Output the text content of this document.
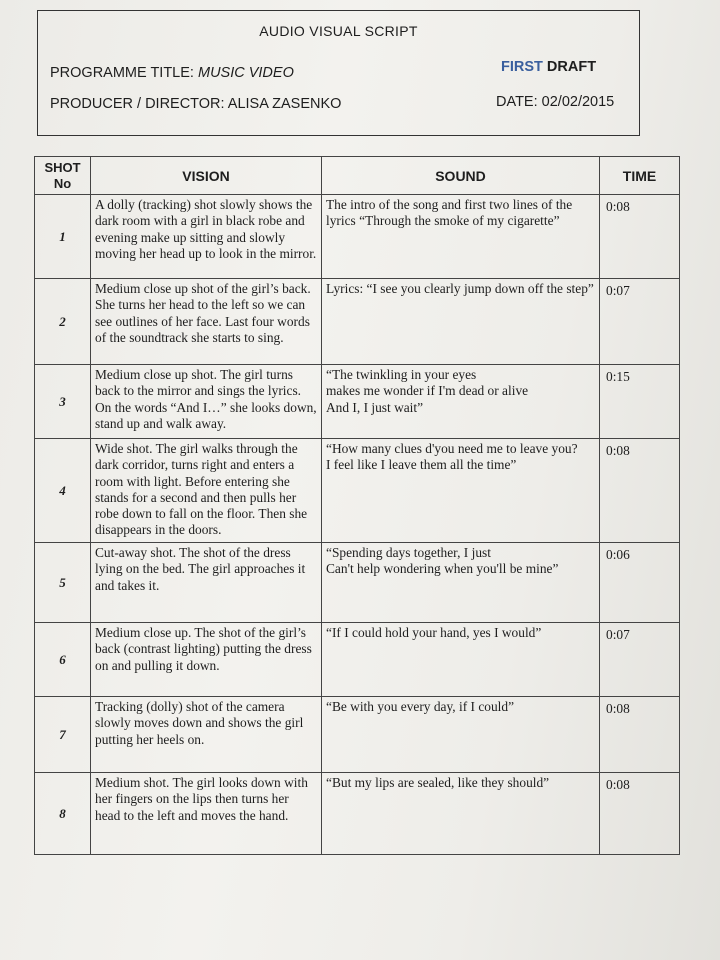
AUDIO VISUAL SCRIPT
PROGRAMME TITLE: MUSIC VIDEO	FIRST DRAFT
PRODUCER / DIRECTOR: ALISA ZASENKO	DATE: 02/02/2015
SHOT No	VISION	SOUND	TIME
1	A dolly (tracking) shot slowly shows the dark room with a girl in black robe and evening make up sitting and slowly moving her head up to look in the mirror.	The intro of the song and first two lines of the lyrics “Through the smoke of my cigarette”	0:08
2	Medium close up shot of the girl’s back. She turns her head to the left so we can see outlines of her face. Last four words of the soundtrack she starts to sing.	Lyrics: “I see you clearly jump down off the step”	0:07
3	Medium close up shot. The girl turns back to the mirror and sings the lyrics. On the words “And I…” she looks down, stand up and walk away.	“The twinkling in your eyes
makes me wonder if I'm dead or alive
And I, I just wait”	0:15
4	Wide shot. The girl walks through the dark corridor, turns right and enters a room with light. Before entering she stands for a second and then pulls her robe down to fall on the floor. Then she disappears in the doors.	“How many clues d'you need me to leave you?
I feel like I leave them all the time”	0:08
5	Cut-away shot. The shot of the dress lying on the bed. The girl approaches it and takes it.	“Spending days together, I just
Can't help wondering when you'll be mine”	0:06
6	Medium close up. The shot of the girl’s back (contrast lighting) putting the dress on and pulling it down.	“If I could hold your hand, yes I would”	0:07
7	Tracking (dolly) shot of the camera slowly moves down and shows the girl putting her heels on.	“Be with you every day, if I could”	0:08
8	Medium shot. The girl looks down with her fingers on the lips then turns her head to the left and moves the hand.	“But my lips are sealed, like they should”	0:08
